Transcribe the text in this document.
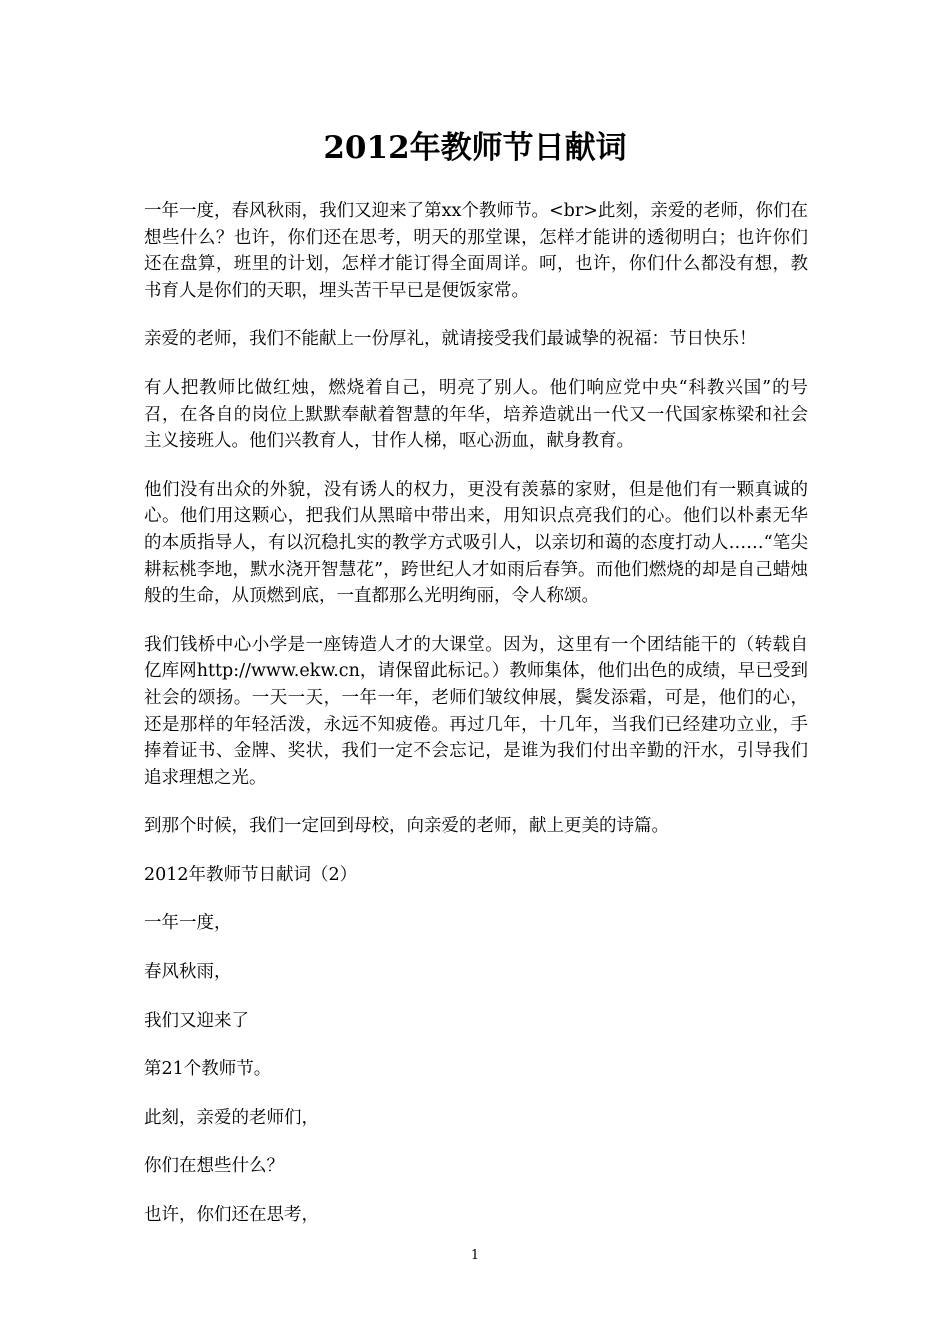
2012年教师节日献词

一年一度，春风秋雨，我们又迎来了第xx个教师节。<br>此刻，亲爱的老师，你们在想些什么？也许，你们还在思考，明天的那堂课，怎样才能讲的透彻明白；也许你们还在盘算，班里的计划，怎样才能订得全面周详。呵，也许，你们什么都没有想，教书育人是你们的天职，埋头苦干早已是便饭家常。

亲爱的老师，我们不能献上一份厚礼，就请接受我们最诚挚的祝福：节日快乐！

有人把教师比做红烛，燃烧着自己，明亮了别人。他们响应党中央“科教兴国”的号召，在各自的岗位上默默奉献着智慧的年华，培养造就出一代又一代国家栋梁和社会主义接班人。他们兴教育人，甘作人梯，呕心沥血，献身教育。

他们没有出众的外貌，没有诱人的权力，更没有羡慕的家财，但是他们有一颗真诚的心。他们用这颗心，把我们从黑暗中带出来，用知识点亮我们的心。他们以朴素无华的本质指导人，有以沉稳扎实的教学方式吸引人，以亲切和蔼的态度打动人……“笔尖耕耘桃李地，默水浇开智慧花”，跨世纪人才如雨后春笋。而他们燃烧的却是自己蜡烛般的生命，从顶燃到底，一直都那么光明绚丽，令人称颂。

我们钱桥中心小学是一座铸造人才的大课堂。因为，这里有一个团结能干的（转载自亿库网http://www.ekw.cn，请保留此标记。）教师集体，他们出色的成绩，早已受到社会的颂扬。一天一天，一年一年，老师们皱纹伸展，鬓发添霜，可是，他们的心，还是那样的年轻活泼，永远不知疲倦。再过几年，十几年，当我们已经建功立业，手捧着证书、金牌、奖状，我们一定不会忘记，是谁为我们付出辛勤的汗水，引导我们追求理想之光。

到那个时候，我们一定回到母校，向亲爱的老师，献上更美的诗篇。

2012年教师节日献词（2）

一年一度，

春风秋雨，

我们又迎来了

第21个教师节。

此刻，亲爱的老师们，

你们在想些什么？

也许，你们还在思考，

1
